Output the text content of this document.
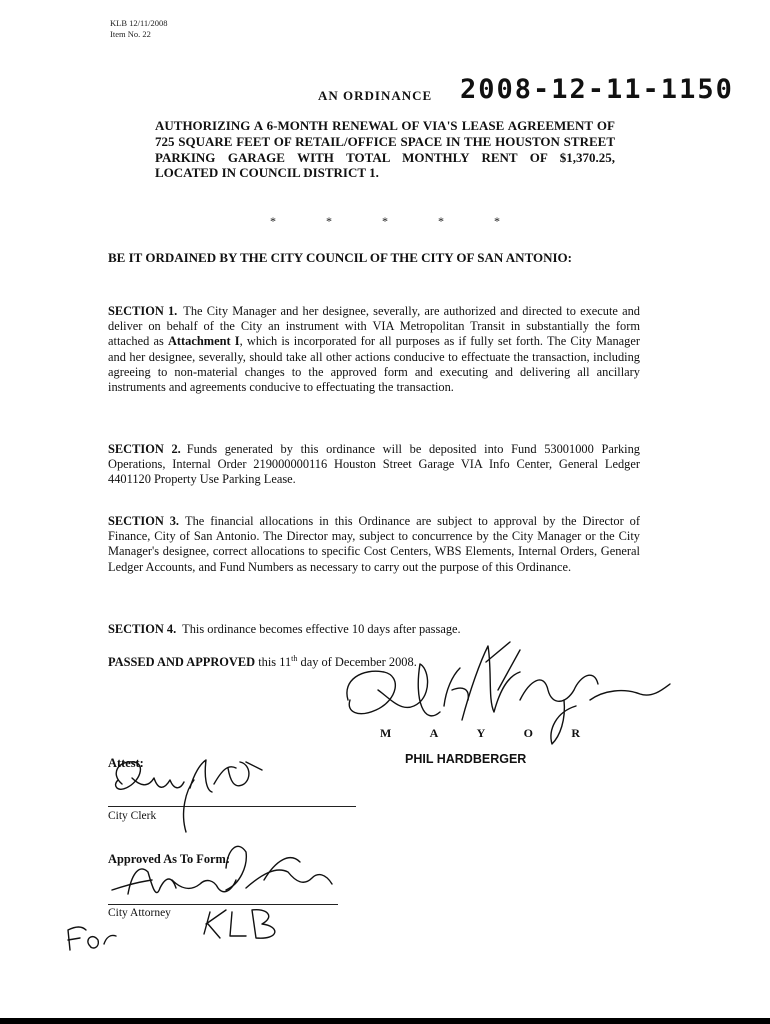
KLB 12/11/2008
Item No. 22
AN ORDINANCE 2008-12-11-1150
AUTHORIZING A 6-MONTH RENEWAL OF VIA'S LEASE AGREEMENT OF 725 SQUARE FEET OF RETAIL/OFFICE SPACE IN THE HOUSTON STREET PARKING GARAGE WITH TOTAL MONTHLY RENT OF $1,370.25, LOCATED IN COUNCIL DISTRICT 1.
*	*	*	*	*
BE IT ORDAINED BY THE CITY COUNCIL OF THE CITY OF SAN ANTONIO:
SECTION 1. The City Manager and her designee, severally, are authorized and directed to execute and deliver on behalf of the City an instrument with VIA Metropolitan Transit in substantially the form attached as Attachment I, which is incorporated for all purposes as if fully set forth. The City Manager and her designee, severally, should take all other actions conducive to effectuate the transaction, including agreeing to non-material changes to the approved form and executing and delivering all ancillary instruments and agreements conducive to effectuating the transaction.
SECTION 2. Funds generated by this ordinance will be deposited into Fund 53001000 Parking Operations, Internal Order 219000000116 Houston Street Garage VIA Info Center, General Ledger 4401120 Property Use Parking Lease.
SECTION 3. The financial allocations in this Ordinance are subject to approval by the Director of Finance, City of San Antonio. The Director may, subject to concurrence by the City Manager or the City Manager's designee, correct allocations to specific Cost Centers, WBS Elements, Internal Orders, General Ledger Accounts, and Fund Numbers as necessary to carry out the purpose of this Ordinance.
SECTION 4. This ordinance becomes effective 10 days after passage.
PASSED AND APPROVED this 11th day of December 2008.
M	A	Y	O	R
PHIL HARDBERGER
Attest:
City Clerk
Approved As To Form:
City Attorney
